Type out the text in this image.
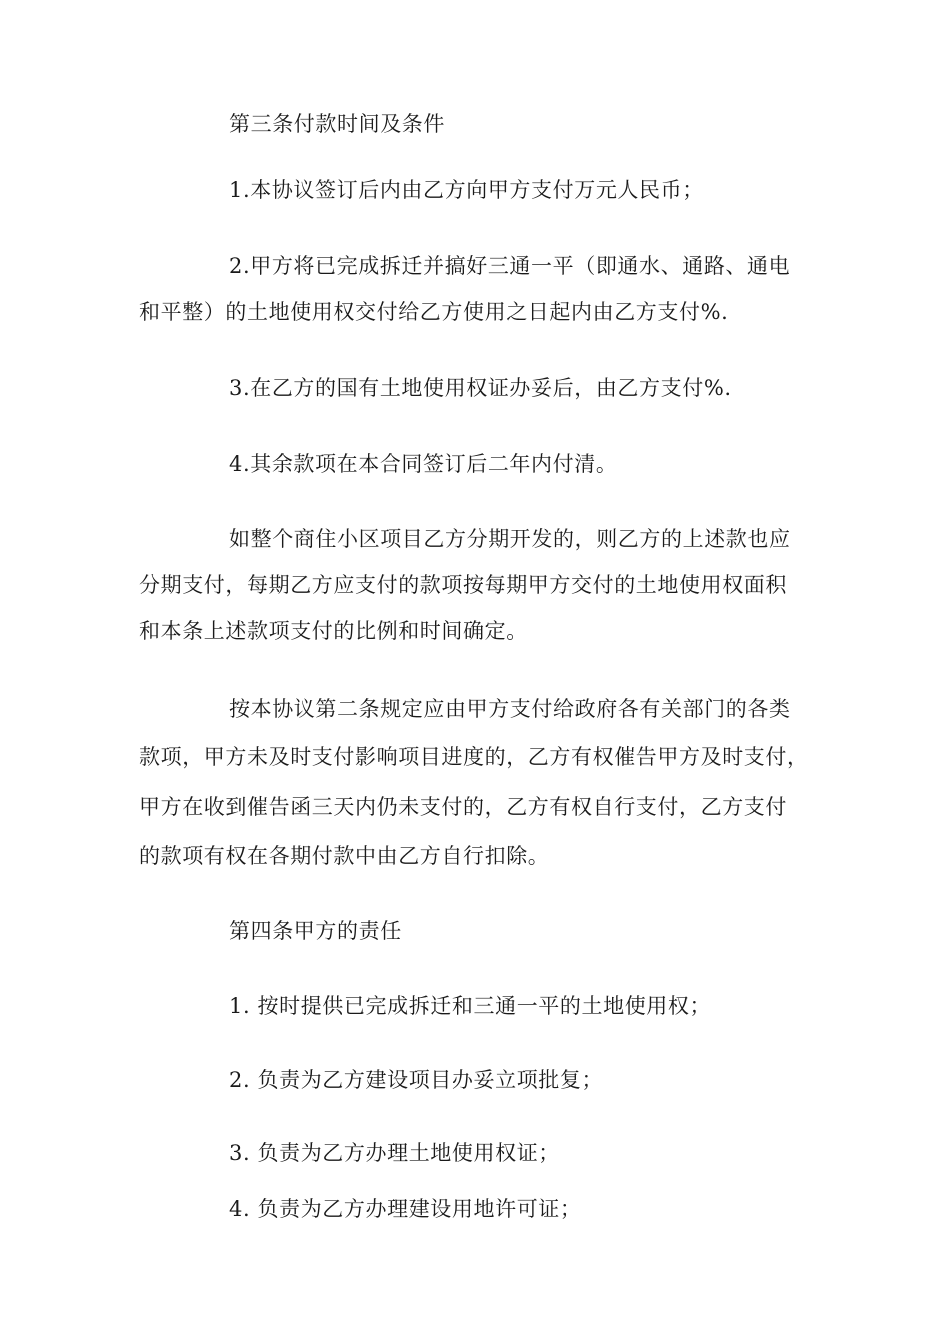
第三条付款时间及条件
1.本协议签订后内由乙方向甲方支付万元人民币；
2.甲方将已完成拆迁并搞好三通一平（即通水、通路、通电
和平整）的土地使用权交付给乙方使用之日起内由乙方支付%.
3.在乙方的国有土地使用权证办妥后，由乙方支付%.
4.其余款项在本合同签订后二年内付清。
如整个商住小区项目乙方分期开发的，则乙方的上述款也应
分期支付，每期乙方应支付的款项按每期甲方交付的土地使用权面积
和本条上述款项支付的比例和时间确定。
按本协议第二条规定应由甲方支付给政府各有关部门的各类
款项，甲方未及时支付影响项目进度的，乙方有权催告甲方及时支付，
甲方在收到催告函三天内仍未支付的，乙方有权自行支付，乙方支付
的款项有权在各期付款中由乙方自行扣除。
第四条甲方的责任
1. 按时提供已完成拆迁和三通一平的土地使用权；
2. 负责为乙方建设项目办妥立项批复；
3. 负责为乙方办理土地使用权证；
4. 负责为乙方办理建设用地许可证；
